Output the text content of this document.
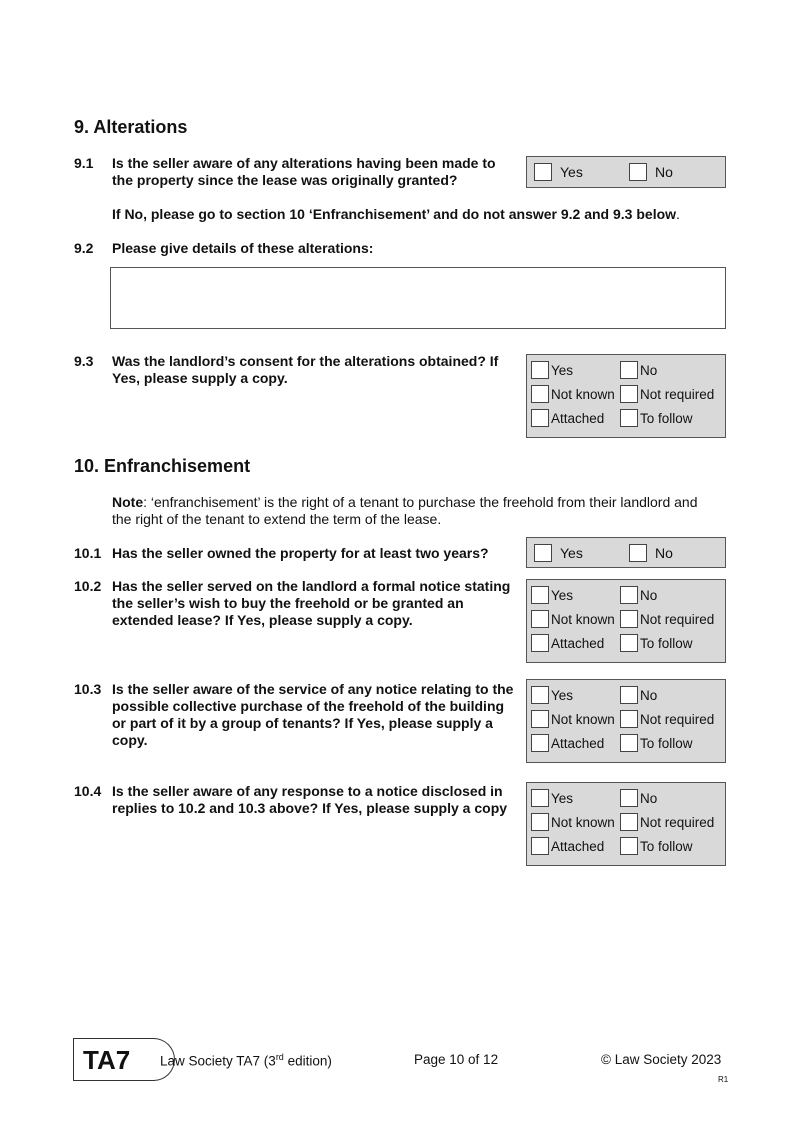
9. Alterations
9.1 Is the seller aware of any alterations having been made to the property since the lease was originally granted?	Yes	No
If No, please go to section 10 ‘Enfranchisement’ and do not answer 9.2 and 9.3 below.
9.2 Please give details of these alterations:
9.3 Was the landlord’s consent for the alterations obtained? If Yes, please supply a copy.	Yes	No
Not known	Not required
Attached	To follow
10. Enfranchisement
Note: ‘enfranchisement’ is the right of a tenant to purchase the freehold from their landlord and the right of the tenant to extend the term of the lease.
10.1 Has the seller owned the property for at least two years?	Yes	No
10.2 Has the seller served on the landlord a formal notice stating the seller’s wish to buy the freehold or be granted an extended lease? If Yes, please supply a copy.
Yes	No
Not known	Not required
Attached	To follow
10.3 Is the seller aware of the service of any notice relating to the possible collective purchase of the freehold of the building or part of it by a group of tenants? If Yes, please supply a copy.
Yes	No
Not known	Not required
Attached	To follow
10.4 Is the seller aware of any response to a notice disclosed in replies to 10.2 and 10.3 above? If Yes, please supply a copy
Yes	No
Not known	Not required
Attached	To follow
TA7 Law Society TA7 (3rd edition)	Page 10 of 12	© Law Society 2023
R1
